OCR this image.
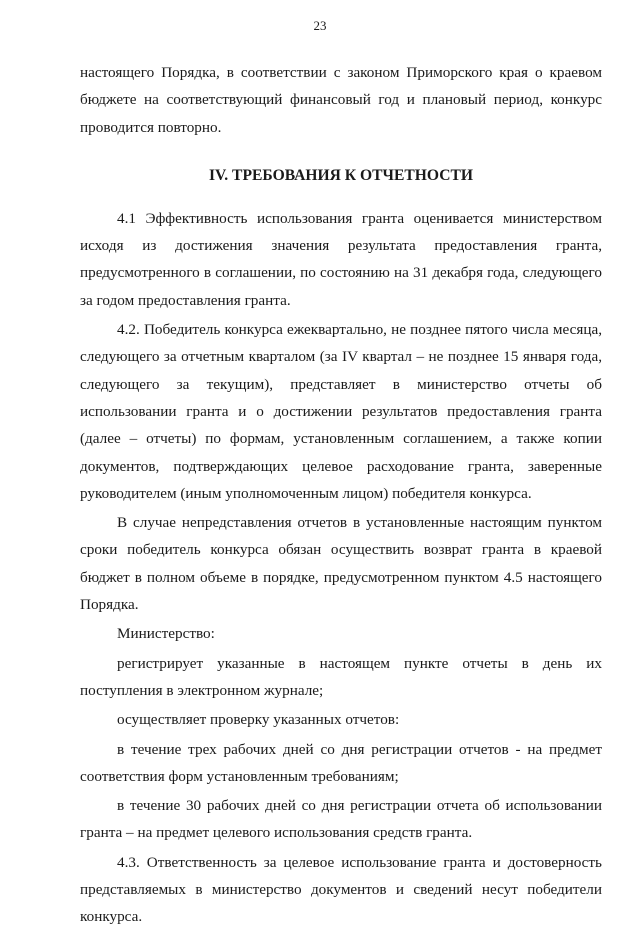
23

настоящего Порядка, в соответствии с законом Приморского края о краевом бюджете на соответствующий финансовый год и плановый период, конкурс проводится повторно.

IV. ТРЕБОВАНИЯ К ОТЧЕТНОСТИ

4.1 Эффективность использования гранта оценивается министерством исходя из достижения значения результата предоставления гранта, предусмотренного в соглашении, по состоянию на 31 декабря года, следующего за годом предоставления гранта.

4.2. Победитель конкурса ежеквартально, не позднее пятого числа месяца, следующего за отчетным кварталом (за IV квартал – не позднее 15 января года, следующего за текущим), представляет в министерство отчеты об использовании гранта и о достижении результатов предоставления гранта (далее – отчеты) по формам, установленным соглашением, а также копии документов, подтверждающих целевое расходование гранта, заверенные руководителем (иным уполномоченным лицом) победителя конкурса.

В случае непредставления отчетов в установленные настоящим пунктом сроки победитель конкурса обязан осуществить возврат гранта в краевой бюджет в полном объеме в порядке, предусмотренном пунктом 4.5 настоящего Порядка.

Министерство:

регистрирует указанные в настоящем пункте отчеты в день их поступления в электронном журнале;

осуществляет проверку указанных отчетов:

в течение трех рабочих дней со дня регистрации отчетов - на предмет соответствия форм установленным требованиям;

в течение 30 рабочих дней со дня регистрации отчета об использовании гранта – на предмет целевого использования средств гранта.

4.3. Ответственность за целевое использование гранта и достоверность представляемых в министерство документов и сведений несут победители конкурса.
